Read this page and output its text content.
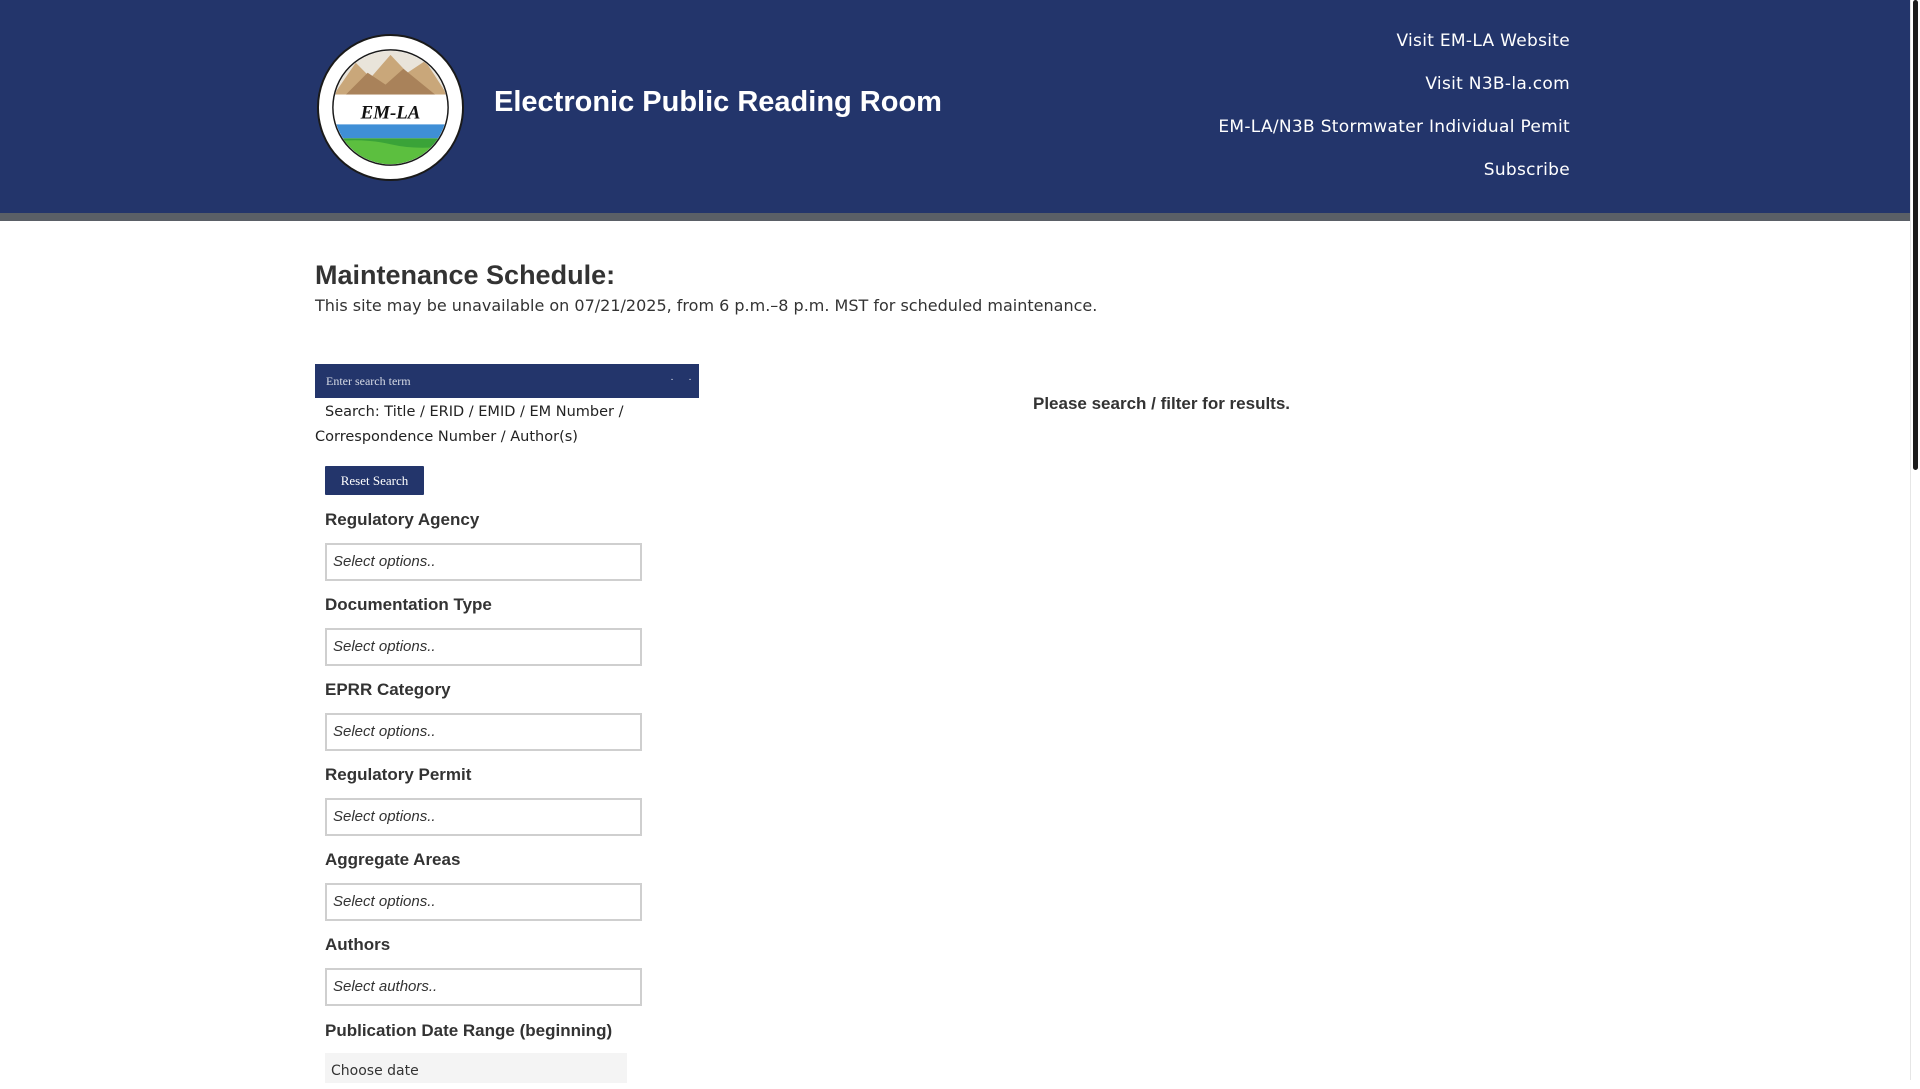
EM-LA	Electronic Public Reading Room
Visit EM-LA Website
Visit N3B-la.com
EM-LA/N3B Stormwater Individual Pemit
Subscribe
Maintenance Schedule:
This site may be unavailable on 07/21/2025, from 6 p.m.–8 p.m. MST for scheduled maintenance.
Enter search term
·	·
Search: Title / ERID / EMID / EM Number /
Correspondence Number / Author(s)
Reset Search
Regulatory Agency
Select options..
Documentation Type
Select options..
EPRR Category
Select options..
Regulatory Permit
Select options..
Aggregate Areas
Select options..
Authors
Select authors..
Publication Date Range (beginning)
Choose date
Please search / filter for results.
